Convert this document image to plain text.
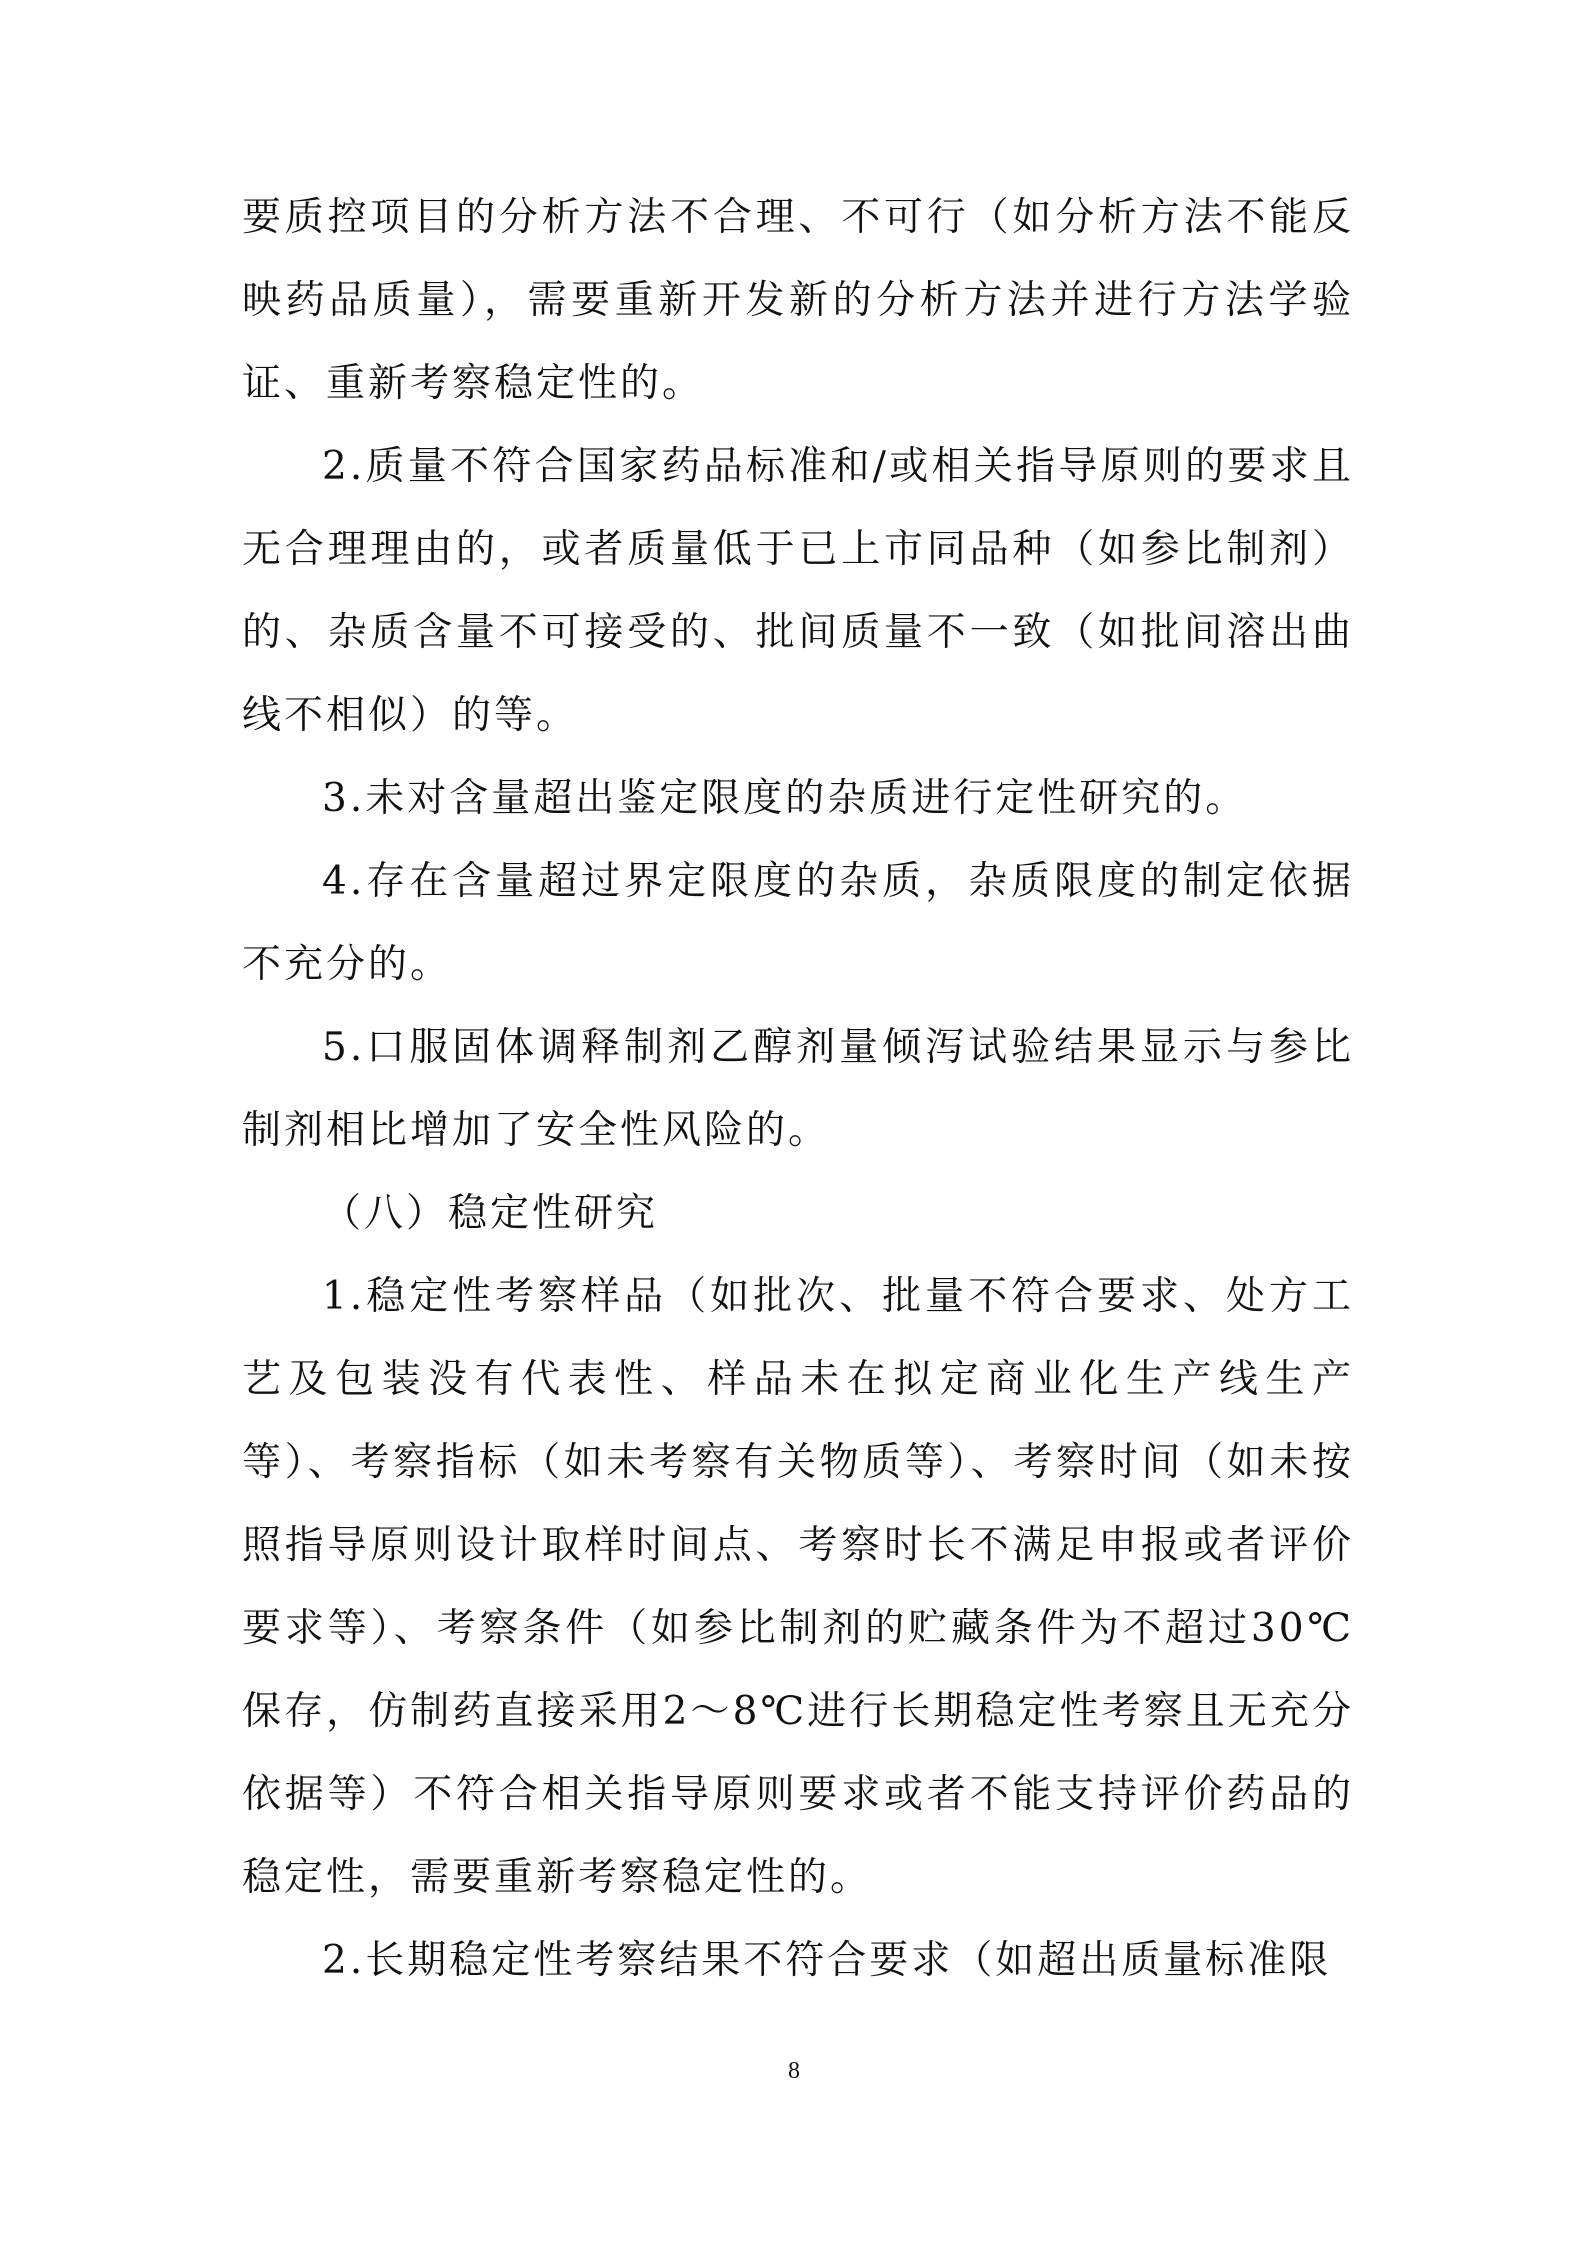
要质控项目的分析方法不合理、不可行（如分析方法不能反映药品质量），需要重新开发新的分析方法并进行方法学验证、重新考察稳定性的。

2.质量不符合国家药品标准和/或相关指导原则的要求且无合理理由的，或者质量低于已上市同品种（如参比制剂）的、杂质含量不可接受的、批间质量不一致（如批间溶出曲线不相似）的等。

3.未对含量超出鉴定限度的杂质进行定性研究的。

4.存在含量超过界定限度的杂质，杂质限度的制定依据不充分的。

5.口服固体调释制剂乙醇剂量倾泻试验结果显示与参比制剂相比增加了安全性风险的。

（八）稳定性研究

1.稳定性考察样品（如批次、批量不符合要求、处方工艺及包装没有代表性、样品未在拟定商业化生产线生产等）、考察指标（如未考察有关物质等）、考察时间（如未按照指导原则设计取样时间点、考察时长不满足申报或者评价要求等）、考察条件（如参比制剂的贮藏条件为不超过30℃保存，仿制药直接采用2～8℃进行长期稳定性考察且无充分依据等）不符合相关指导原则要求或者不能支持评价药品的稳定性，需要重新考察稳定性的。

2.长期稳定性考察结果不符合要求（如超出质量标准限

8
